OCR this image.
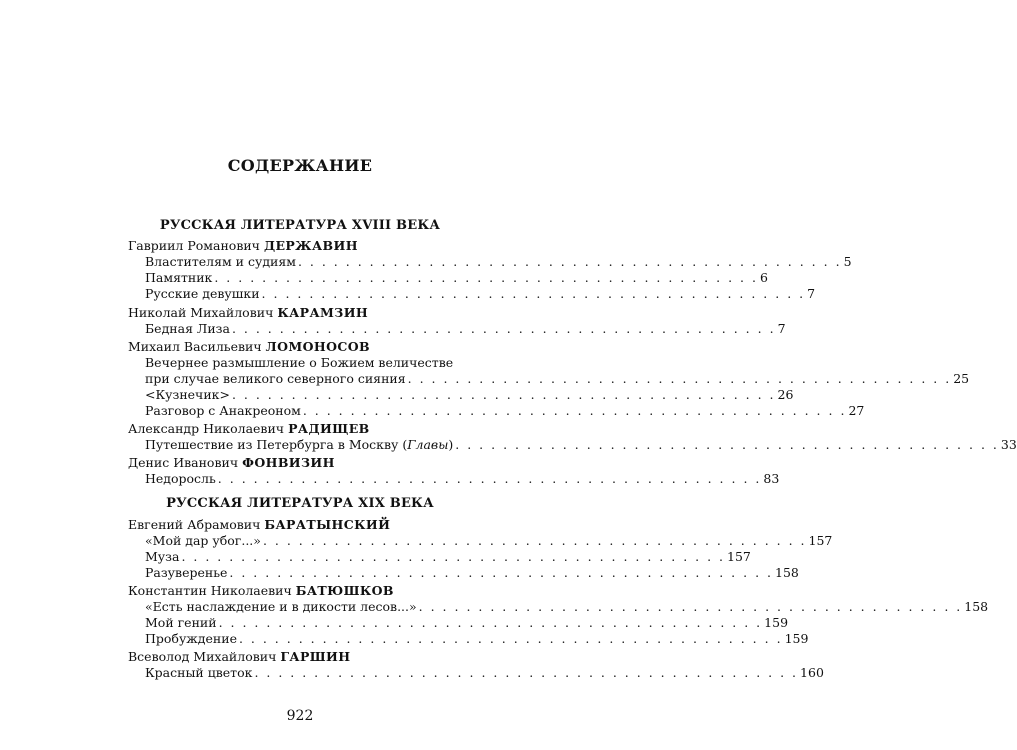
СОДЕРЖАНИЕ
РУССКАЯ ЛИТЕРАТУРА XVIII ВЕКА
Гавриил Романович ДЕРЖАВИН
Властителям и судиям . . . . . . . . . . . . . . . . . . . . . . . . . . . . . . . . . . . . . . . . . . . . . . 5
Памятник . . . . . . . . . . . . . . . . . . . . . . . . . . . . . . . . . . . . . . . . . . . . . . 6
Русские девушки . . . . . . . . . . . . . . . . . . . . . . . . . . . . . . . . . . . . . . . . . . . . . . 7
Николай Михайлович КАРАМЗИН
Бедная Лиза . . . . . . . . . . . . . . . . . . . . . . . . . . . . . . . . . . . . . . . . . . . . . . 7
Михаил Васильевич ЛОМОНОСОВ
Вечернее размышление о Божием величестве
при случае великого северного сияния . . . . . . . . . . . . . . . . . . . . . . . . . . . . . . . . . . . . . . . . . . . . . . 25
<Кузнечик> . . . . . . . . . . . . . . . . . . . . . . . . . . . . . . . . . . . . . . . . . . . . . . 26
Разговор с Анакреоном . . . . . . . . . . . . . . . . . . . . . . . . . . . . . . . . . . . . . . . . . . . . . . 27
Александр Николаевич РАДИЩЕВ
Путешествие из Петербурга в Москву (Главы) . . . . . . . . . . . . . . . . . . . . . . . . . . . . . . . . . . . . . . . . . . . . . . 33
Денис Иванович ФОНВИЗИН
Недоросль . . . . . . . . . . . . . . . . . . . . . . . . . . . . . . . . . . . . . . . . . . . . . . 83
РУССКАЯ ЛИТЕРАТУРА XIX ВЕКА
Евгений Абрамович БАРАТЫНСКИЙ
«Мой дар убог...» . . . . . . . . . . . . . . . . . . . . . . . . . . . . . . . . . . . . . . . . . . . . . . 157
Муза . . . . . . . . . . . . . . . . . . . . . . . . . . . . . . . . . . . . . . . . . . . . . . 157
Разуверенье . . . . . . . . . . . . . . . . . . . . . . . . . . . . . . . . . . . . . . . . . . . . . . 158
Константин Николаевич БАТЮШКОВ
«Есть наслаждение и в дикости лесов...» . . . . . . . . . . . . . . . . . . . . . . . . . . . . . . . . . . . . . . . . . . . . . . 158
Мой гений . . . . . . . . . . . . . . . . . . . . . . . . . . . . . . . . . . . . . . . . . . . . . . 159
Пробуждение . . . . . . . . . . . . . . . . . . . . . . . . . . . . . . . . . . . . . . . . . . . . . . 159
Всеволод Михайлович ГАРШИН
Красный цветок . . . . . . . . . . . . . . . . . . . . . . . . . . . . . . . . . . . . . . . . . . . . . . 160
922
